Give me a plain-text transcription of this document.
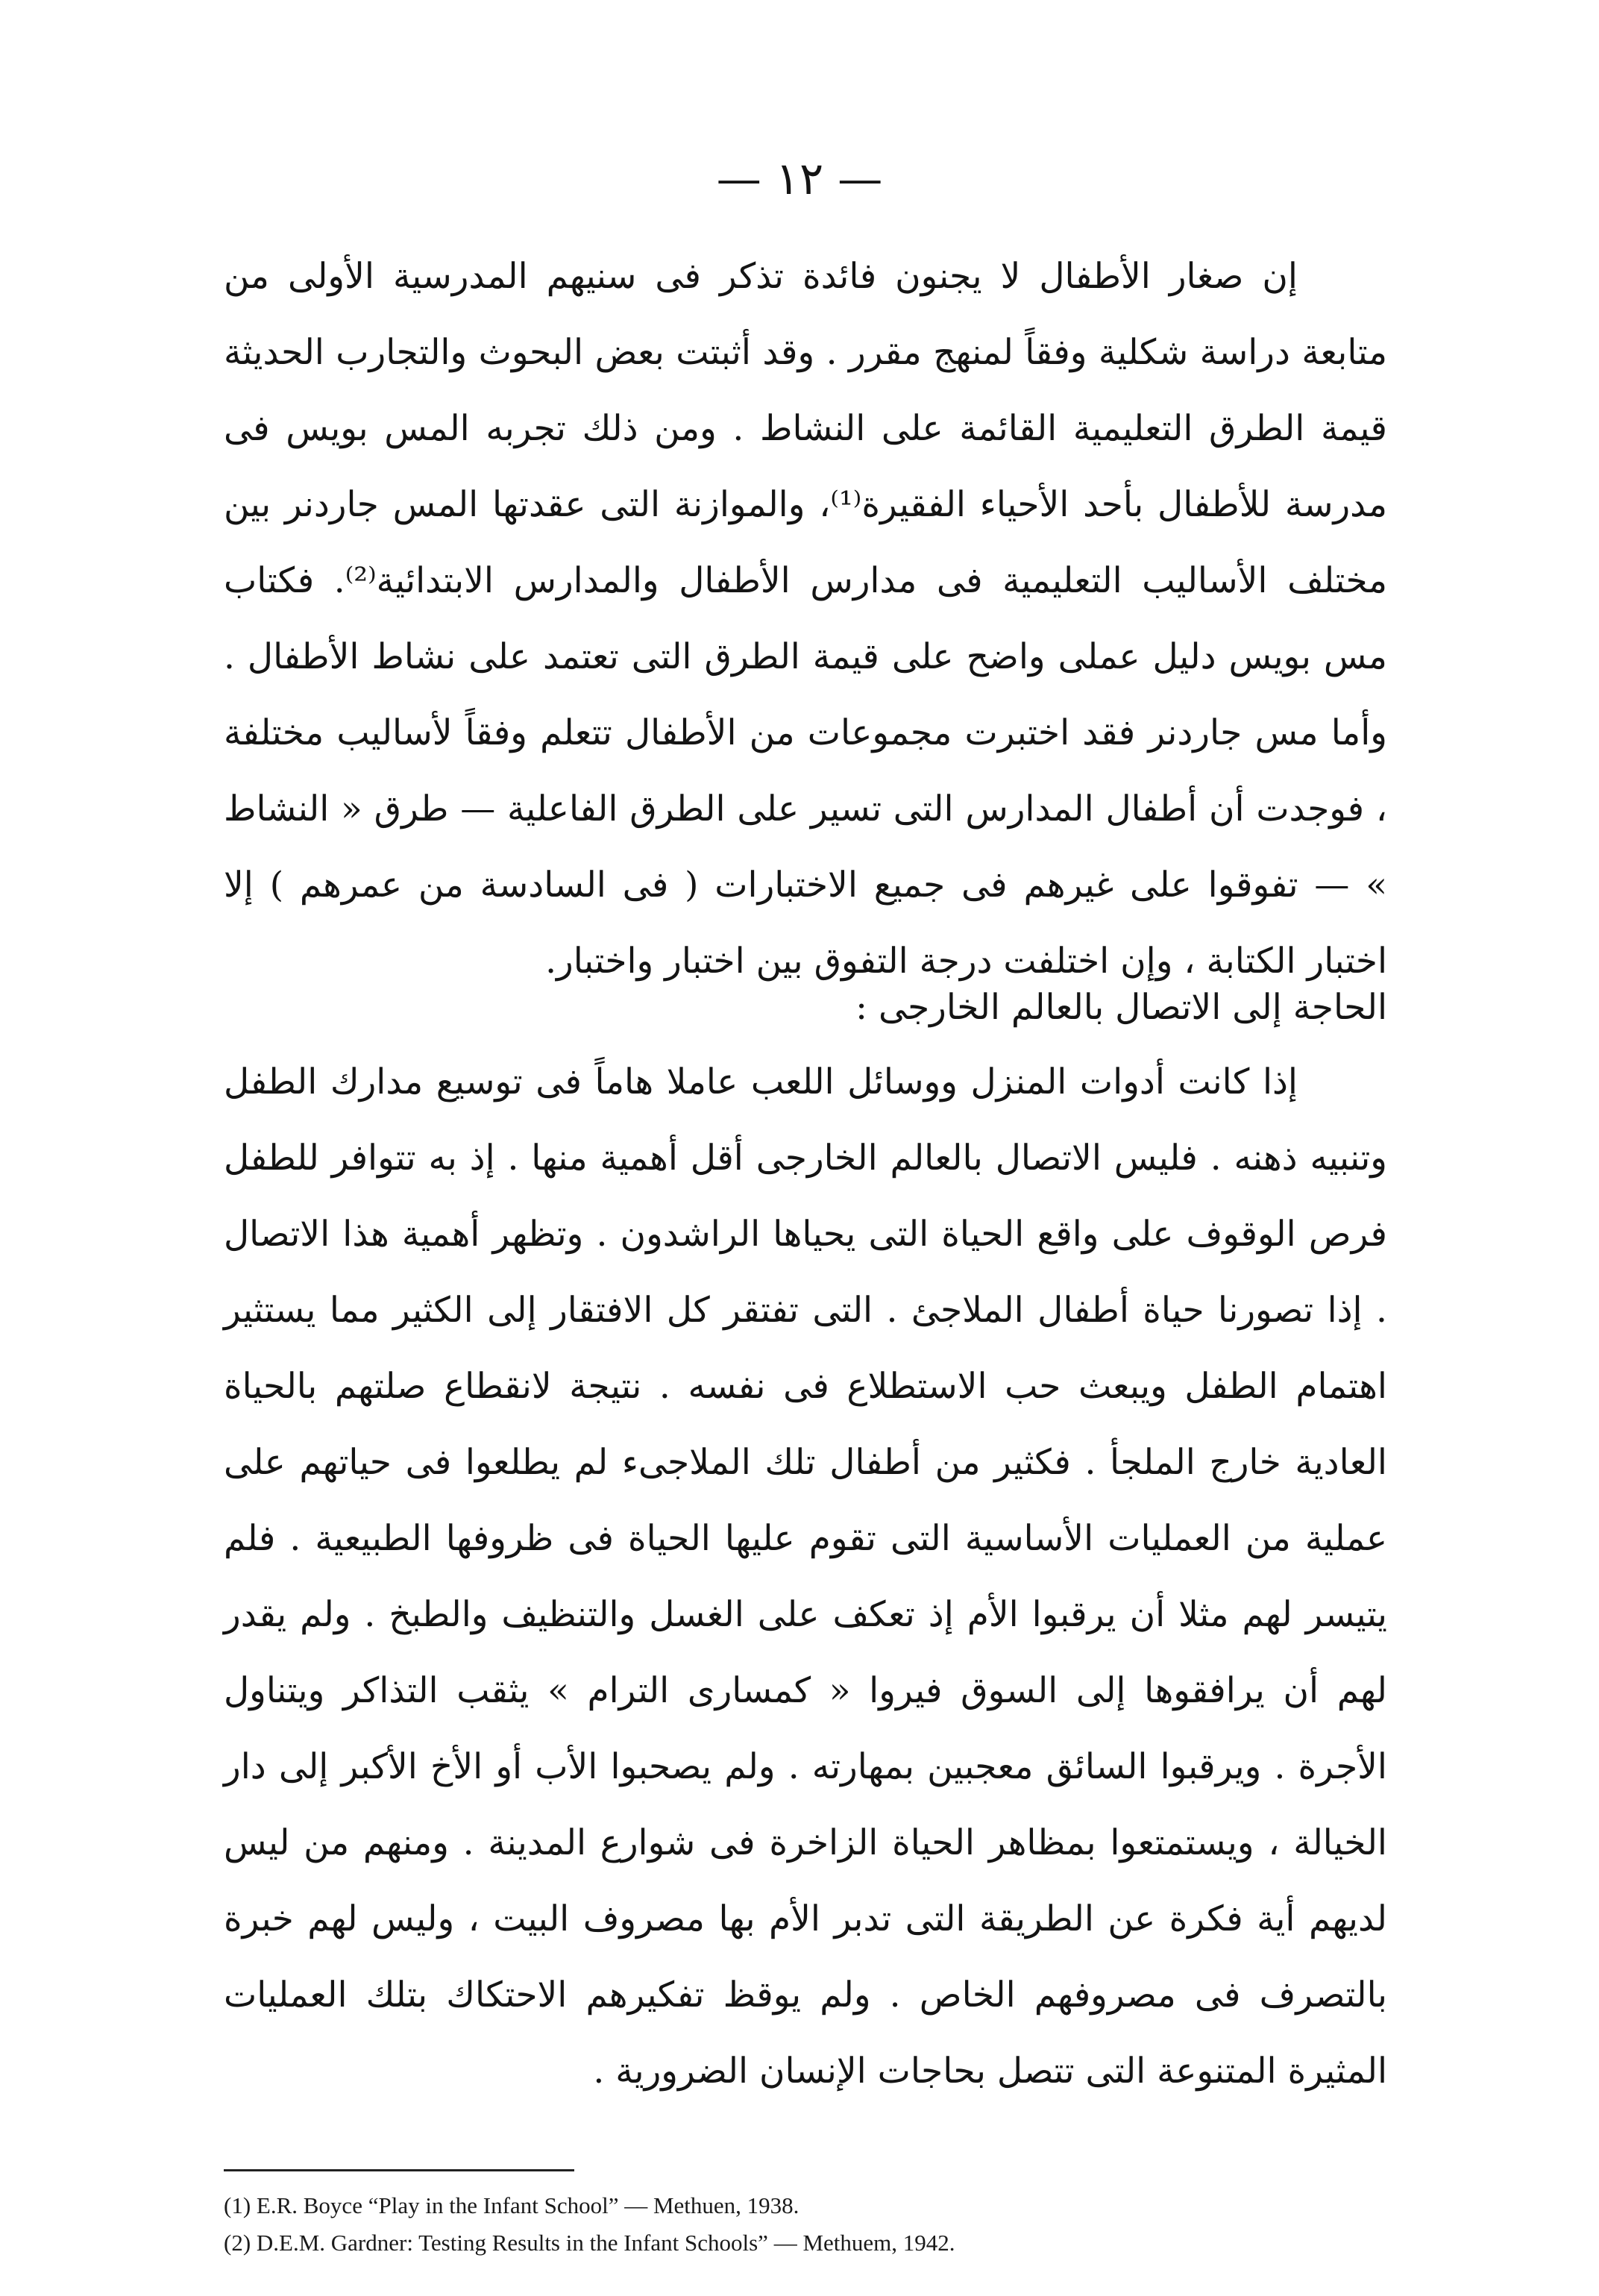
— ١٢ —

إن صغار الأطفال لا يجنون فائدة تذكر فى سنيهم المدرسية الأولى من متابعة دراسة شكلية وفقاً لمنهج مقرر . وقد أثبتت بعض البحوث والتجارب الحديثة قيمة الطرق التعليمية القائمة على النشاط . ومن ذلك تجربه المس بويس فى مدرسة للأطفال بأحد الأحياء الفقيرة⁽¹⁾، والموازنة التى عقدتها المس جاردنر بين مختلف الأساليب التعليمية فى مدارس الأطفال والمدارس الابتدائية⁽²⁾. فكتاب مس بويس دليل عملى واضح على قيمة الطرق التى تعتمد على نشاط الأطفال . وأما مس جاردنر فقد اختبرت مجموعات من الأطفال تتعلم وفقاً لأساليب مختلفة ، فوجدت أن أطفال المدارس التى تسير على الطرق الفاعلية — طرق « النشاط » — تفوقوا على غيرهم فى جميع الاختبارات ( فى السادسة من عمرهم ) إلا اختبار الكتابة ، وإن اختلفت درجة التفوق بين اختبار واختبار.

الحاجة إلى الاتصال بالعالم الخارجى :

إذا كانت أدوات المنزل ووسائل اللعب عاملا هاماً فى توسيع مدارك الطفل وتنبيه ذهنه . فليس الاتصال بالعالم الخارجى أقل أهمية منها . إذ به تتوافر للطفل فرص الوقوف على واقع الحياة التى يحياها الراشدون . وتظهر أهمية هذا الاتصال . إذا تصورنا حياة أطفال الملاجئ . التى تفتقر كل الافتقار إلى الكثير مما يستثير اهتمام الطفل ويبعث حب الاستطلاع فى نفسه . نتيجة لانقطاع صلتهم بالحياة العادية خارج الملجأ . فكثير من أطفال تلك الملاجىء لم يطلعوا فى حياتهم على عملية من العمليات الأساسية التى تقوم عليها الحياة فى ظروفها الطبيعية . فلم يتيسر لهم مثلا أن يرقبوا الأم إذ تعكف على الغسل والتنظيف والطبخ . ولم يقدر لهم أن يرافقوها إلى السوق فيروا « كمسارى الترام » يثقب التذاكر ويتناول الأجرة . ويرقبوا السائق معجبين بمهارته . ولم يصحبوا الأب أو الأخ الأكبر إلى دار الخيالة ، ويستمتعوا بمظاهر الحياة الزاخرة فى شوارع المدينة . ومنهم من ليس لديهم أية فكرة عن الطريقة التى تدبر الأم بها مصروف البيت ، وليس لهم خبرة بالتصرف فى مصروفهم الخاص . ولم يوقظ تفكيرهم الاحتكاك بتلك العمليات المثيرة المتنوعة التى تتصل بحاجات الإنسان الضرورية .

(1) E.R. Boyce “Play in the Infant School” — Methuen, 1938.

(2) D.E.M. Gardner: Testing Results in the Infant Schools” — Methuem, 1942.
